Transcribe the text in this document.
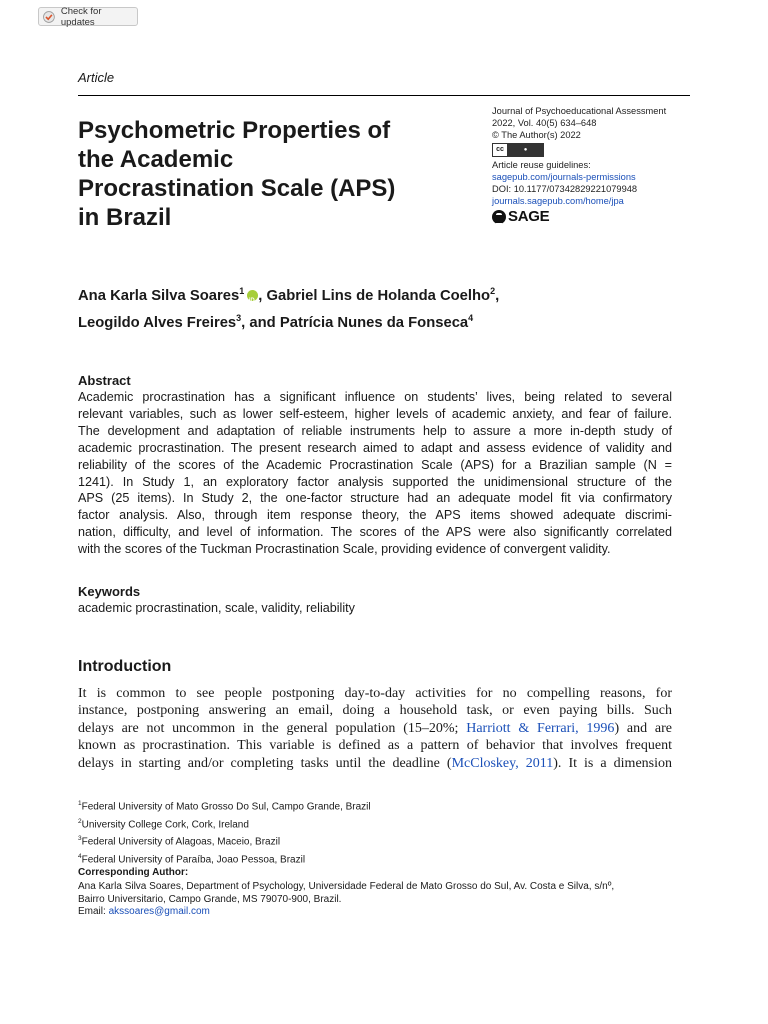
Check for updates
Article
Psychometric Properties of
the Academic
Procrastination Scale (APS)
in Brazil
Journal of Psychoeducational Assessment
2022, Vol. 40(5) 634–648
© The Author(s) 2022
cc	●
Article reuse guidelines:
sagepub.com/journals-permissions
DOI: 10.1177/07342829221079948
journals.sagepub.com/home/jpa
SAGE
Ana Karla Silva Soares$^1$iD , Gabriel Lins de Holanda Coelho$^2$,
Leogildo Alves Freires$^3$, and Patrícia Nunes da Fonseca$^4$
Abstract
Academic procrastination has a significant influence on students’ lives, being related to several
relevant variables, such as lower self-esteem, higher levels of academic anxiety, and fear of failure.
The development and adaptation of reliable instruments help to assure a more in-depth study of
academic procrastination. The present research aimed to adapt and assess evidence of validity and
reliability of the scores of the Academic Procrastination Scale (APS) for a Brazilian sample (N =
1241). In Study 1, an exploratory factor analysis supported the unidimensional structure of the
APS (25 items). In Study 2, the one-factor structure had an adequate model fit via confirmatory
factor analysis. Also, through item response theory, the APS items showed adequate discrimi-
nation, difficulty, and level of information. The scores of the APS were also significantly correlated
with the scores of the Tuckman Procrastination Scale, providing evidence of convergent validity.
Keywords
academic procrastination, scale, validity, reliability
Introduction
It is common to see people postponing day-to-day activities for no compelling reasons, for
instance, postponing answering an email, doing a household task, or even paying bills. Such
delays are not uncommon in the general population (15–20%; Harriott & Ferrari, 1996) and are
known as procrastination. This variable is defined as a pattern of behavior that involves frequent
delays in starting and/or completing tasks until the deadline (McCloskey, 2011). It is a dimension
$^1$Federal University of Mato Grosso Do Sul, Campo Grande, Brazil
$^2$University College Cork, Cork, Ireland
$^3$Federal University of Alagoas, Maceio, Brazil
$^4$Federal University of Paraíba, Joao Pessoa, Brazil
Corresponding Author:
Ana Karla Silva Soares, Department of Psychology, Universidade Federal de Mato Grosso do Sul, Av. Costa e Silva, s/nº,
Bairro Universitario, Campo Grande, MS 79070-900, Brazil.
Email: akssoares@gmail.com
